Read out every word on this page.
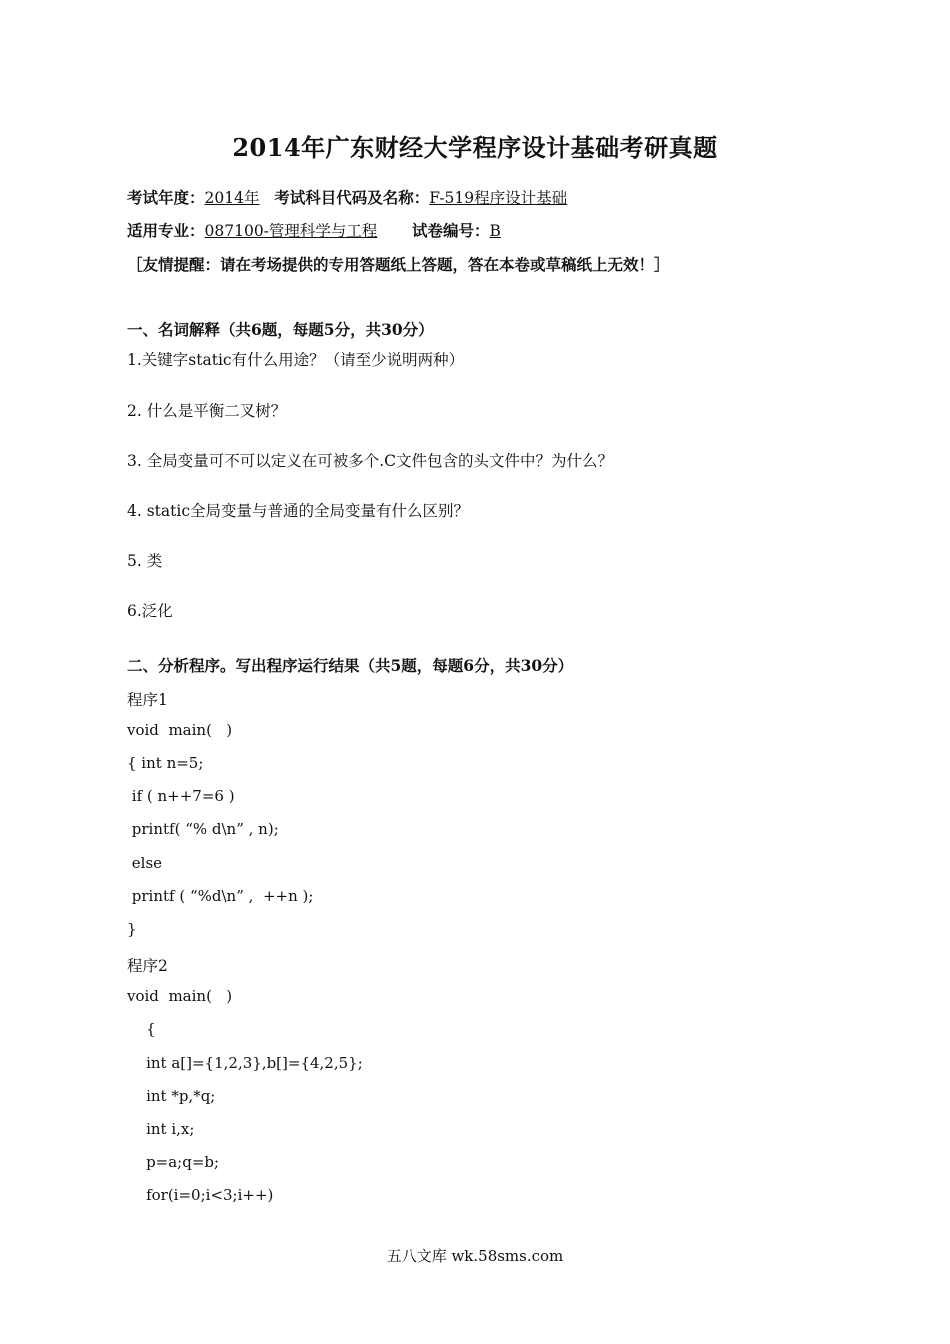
2014年广东财经大学程序设计基础考研真题
考试年度：2014年 考试科目代码及名称：F-519程序设计基础
适用专业：087100-管理科学与工程 试卷编号：B
［友情提醒：请在考场提供的专用答题纸上答题，答在本卷或草稿纸上无效！］
一、名词解释（共6题，每题5分，共30分）
1.关键字static有什么用途？（请至少说明两种）
2. 什么是平衡二叉树？
3. 全局变量可不可以定义在可被多个.C文件包含的头文件中？为什么？
4. static全局变量与普通的全局变量有什么区别？
5. 类
6.泛化
二、分析程序。写出程序运行结果（共5题，每题6分，共30分）
程序1
void  main(   )
{ int n=5;
if ( n++7=6 )
printf( “% d\n” , n);
else
printf ( “%d\n” ,  ++n );
}
程序2
void  main(   )
{
int a[]={1,2,3},b[]={4,2,5};
int *p,*q;
int i,x;
p=a;q=b;
for(i=0;i<3;i++)
五八文库 wk.58sms.com
